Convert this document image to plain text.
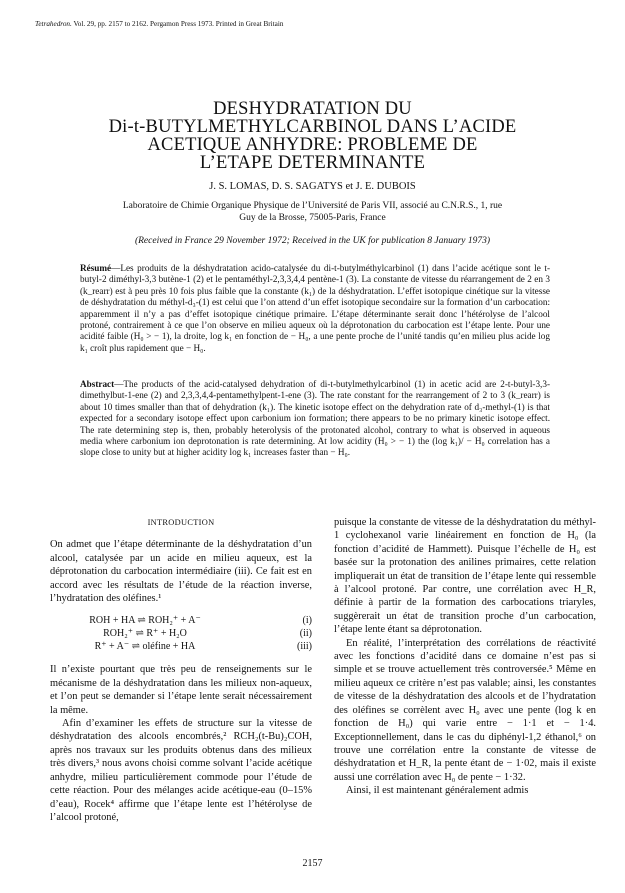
Tetrahedron. Vol. 29, pp. 2157 to 2162. Pergamon Press 1973. Printed in Great Britain
DESHYDRATATION DU
Di-t-BUTYLMETHYLCARBINOL DANS L’ACIDE
ACETIQUE ANHYDRE: PROBLEME DE
L’ETAPE DETERMINANTE
J. S. LOMAS, D. S. SAGATYS et J. E. DUBOIS
Laboratoire de Chimie Organique Physique de l’Université de Paris VII, associé au C.N.R.S., 1, rue
Guy de la Brosse, 75005-Paris, France
(Received in France 29 November 1972; Received in the UK for publication 8 January 1973)
Résumé—Les produits de la déshydratation acido-catalysée du di-t-butylméthylcarbinol (1) dans l’acide acétique sont le t-butyl-2 diméthyl-3,3 butène-1 (2) et le pentaméthyl-2,3,3,4,4 pentène-1 (3). La constante de vitesse du réarrangement de 2 en 3 (k_rearr) est à peu près 10 fois plus faible que la constante (k₁) de la déshydratation. L’effet isotopique cinétique sur la vitesse de déshydratation du méthyl-d₃-(1) est celui que l’on attend d’un effet isotopique secondaire sur la formation d’un carbocation: apparemment il n’y a pas d’effet isotopique cinétique primaire. L’étape déterminante serait donc l’hétérolyse de l’alcool protoné, contrairement à ce que l’on observe en milieu aqueux où la déprotonation du carbocation est l’étape lente. Pour une acidité faible (H₀ > − 1), la droite, log k₁ en fonction de − H₀, a une pente proche de l’unité tandis qu’en milieu plus acide log k₁ croît plus rapidement que − H₀.
Abstract—The products of the acid-catalysed dehydration of di-t-butylmethylcarbinol (1) in acetic acid are 2-t-butyl-3,3-dimethylbut-1-ene (2) and 2,3,3,4,4-pentamethylpent-1-ene (3). The rate constant for the rearrangement of 2 to 3 (k_rearr) is about 10 times smaller than that of dehydration (k₁). The kinetic isotope effect on the dehydration rate of d₃-methyl-(1) is that expected for a secondary isotope effect upon carbonium ion formation; there appears to be no primary kinetic isotope effect. The rate determining step is, then, probably heterolysis of the protonated alcohol, contrary to what is observed in aqueous media where carbonium ion deprotonation is rate determining. At low acidity (H₀ > − 1) the (log k₁)/ − H₀ correlation has a slope close to unity but at higher acidity log k₁ increases faster than − H₀.
INTRODUCTION

On admet que l’étape déterminante de la déshydratation d’un alcool, catalysée par un acide en milieu aqueux, est la déprotonation du carbocation intermédiaire (iii). Ce fait est en accord avec les résultats de l’étude de la réaction inverse, l’hydratation des oléfines.¹

ROH + HA ⇌ ROH₂⁺ + A⁻	(i)
ROH₂⁺ ⇌ R⁺ + H₂O	(ii)
R⁺ + A⁻ ⇌ oléfine + HA	(iii)

Il n’existe pourtant que très peu de renseignements sur le mécanisme de la déshydratation dans les milieux non-aqueux, et l’on peut se demander si l’étape lente serait nécessairement la même.

Afin d’examiner les effets de structure sur la vitesse de déshydratation des alcools encombrés,² RCH₂(t-Bu)₂COH, après nos travaux sur les produits obtenus dans des milieux très divers,³ nous avons choisi comme solvant l’acide acétique anhydre, milieu particulièrement commode pour l’étude de cette réaction. Pour des mélanges acide acétique-eau (0–15% d’eau), Rocek⁴ affirme que l’étape lente est l’hétérolyse de l’alcool protoné,

puisque la constante de vitesse de la déshydratation du méthyl-1 cyclohexanol varie linéairement en fonction de H₀ (la fonction d’acidité de Hammett). Puisque l’échelle de H₀ est basée sur la protonation des anilines primaires, cette relation impliquerait un état de transition de l’étape lente qui ressemble à l’alcool protoné. Par contre, une corrélation avec H_R, définie à partir de la formation des carbocations triaryles, suggèrerait un état de transition proche d’un carbocation, l’étape lente étant sa déprotonation.

En réalité, l’interprétation des corrélations de réactivité avec les fonctions d’acidité dans ce domaine n’est pas si simple et se trouve actuellement très controversée.⁵ Même en milieu aqueux ce critère n’est pas valable; ainsi, les constantes de vitesse de la déshydratation des alcools et de l’hydratation des oléfines se corrèlent avec H₀ avec une pente (log k en fonction de H₀) qui varie entre − 1·1 et − 1·4. Exceptionnellement, dans le cas du diphényl-1,2 éthanol,⁶ on trouve une corrélation entre la constante de vitesse de déshydratation et H_R, la pente étant de − 1·02, mais il existe aussi une corrélation avec H₀ de pente − 1·32.

Ainsi, il est maintenant généralement admis

2157
